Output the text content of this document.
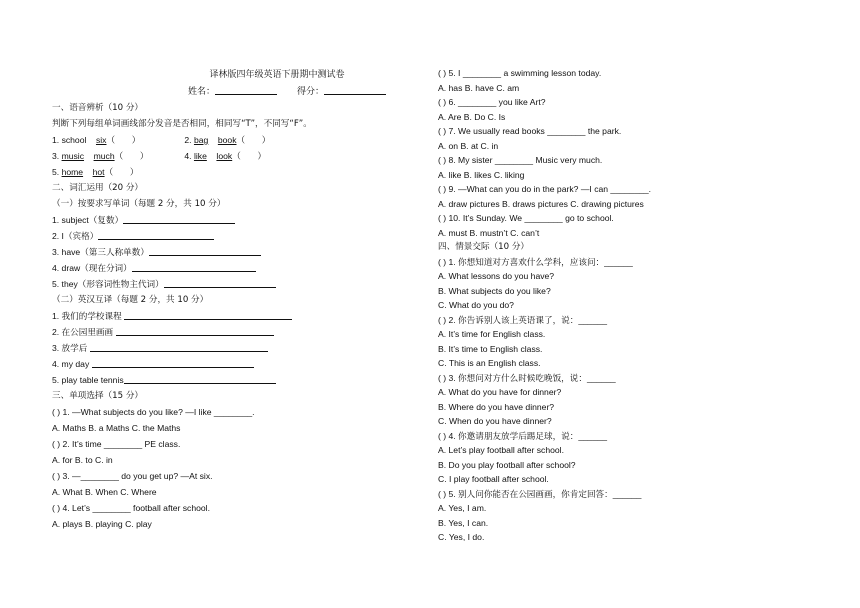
译林版四年级英语下册期中测试卷
姓名：	得分：
一、语音辨析（10 分）
判断下列每组单词画线部分发音是否相同，相同写“T”，不同写“F”。
1. school six（       ）	2. bag book（       ）
3. music much（       ）	4. like look（       ）
5. home hot（       ）
二、词汇运用（20 分）
（一）按要求写单词（每题 2 分，共 10 分）
1. subject（复数）
2. I（宾格）
3. have（第三人称单数）
4. draw（现在分词）
5. they（形容词性物主代词）
（二）英汉互译（每题 2 分，共 10 分）
1. 我们的学校课程
2. 在公园里画画
3. 放学后
4. my day
5. play table tennis
三、单项选择（15 分）
( ) 1. —What subjects do you like? —I like ________.
A. Maths B. a Maths C. the Maths
( ) 2. It’s time ________ PE class.
A. for B. to C. in
( ) 3. —________ do you get up? —At six.
A. What B. When C. Where
( ) 4. Let’s ________ football after school.
A. plays B. playing C. play
( ) 5. I ________ a swimming lesson today.
A. has B. have C. am
( ) 6. ________ you like Art?
A. Are B. Do C. Is
( ) 7. We usually read books ________ the park.
A. on B. at C. in
( ) 8. My sister ________ Music very much.
A. like B. likes C. liking
( ) 9. —What can you do in the park? —I can ________.
A. draw pictures B. draws pictures C. drawing pictures
( ) 10. It’s Sunday. We ________ go to school.
A. must B. mustn’t C. can’t
四、情景交际（10 分）
( ) 1. 你想知道对方喜欢什么学科，应该问：______
A. What lessons do you have?
B. What subjects do you like?
C. What do you do?
( ) 2. 你告诉别人该上英语课了，说：______
A. It’s time for English class.
B. It’s time to English class.
C. This is an English class.
( ) 3. 你想问对方什么时候吃晚饭，说：______
A. What do you have for dinner?
B. Where do you have dinner?
C. When do you have dinner?
( ) 4. 你邀请朋友放学后踢足球，说：______
A. Let’s play football after school.
B. Do you play football after school?
C. I play football after school.
( ) 5. 别人问你能否在公园画画，你肯定回答：______
A. Yes, I am.
B. Yes, I can.
C. Yes, I do.
